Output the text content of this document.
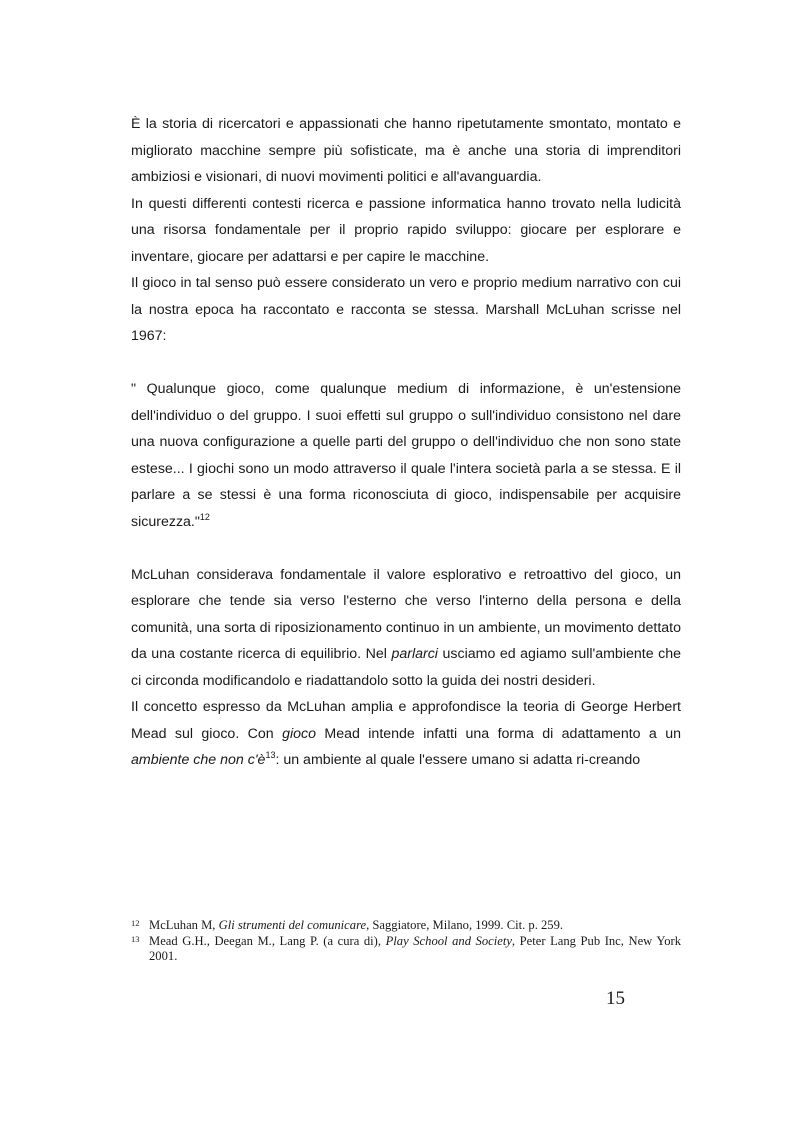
È la storia di ricercatori e appassionati che hanno ripetutamente smontato, montato e migliorato macchine sempre più sofisticate, ma è anche una storia di imprenditori ambiziosi e visionari, di nuovi movimenti politici e all'avanguardia.

In questi differenti contesti ricerca e passione informatica hanno trovato nella ludicità una risorsa fondamentale per il proprio rapido sviluppo: giocare per esplorare e inventare, giocare per adattarsi e per capire le macchine.

Il gioco in tal senso può essere considerato un vero e proprio medium narrativo con cui la nostra epoca ha raccontato e racconta se stessa. Marshall McLuhan scrisse nel 1967:

" Qualunque gioco, come qualunque medium di informazione, è un'estensione dell'individuo o del gruppo. I suoi effetti sul gruppo o sull'individuo consistono nel dare una nuova configurazione a quelle parti del gruppo o dell'individuo che non sono state estese... I giochi sono un modo attraverso il quale l'intera società parla a se stessa. E il parlare a se stessi è una forma riconosciuta di gioco, indispensabile per acquisire sicurezza."$^{12}$

McLuhan considerava fondamentale il valore esplorativo e retroattivo del gioco, un esplorare che tende sia verso l'esterno che verso l'interno della persona e della comunità, una sorta di riposizionamento continuo in un ambiente, un movimento dettato da una costante ricerca di equilibrio. Nel parlarci usciamo ed agiamo sull'ambiente che ci circonda modificandolo e riadattandolo sotto la guida dei nostri desideri.

Il concetto espresso da McLuhan amplia e approfondisce la teoria di George Herbert Mead sul gioco. Con gioco Mead intende infatti una forma di adattamento a un ambiente che non $c'è^{13}$: un ambiente al quale l'essere umano si adatta ri-creando

12 McLuhan M, Gli strumenti del comunicare, Saggiatore, Milano, 1999. Cit. p. 259.
13 Mead G.H., Deegan M., Lang P. (a cura di), Play School and Society, Peter Lang Pub Inc, New York 2001.
15
